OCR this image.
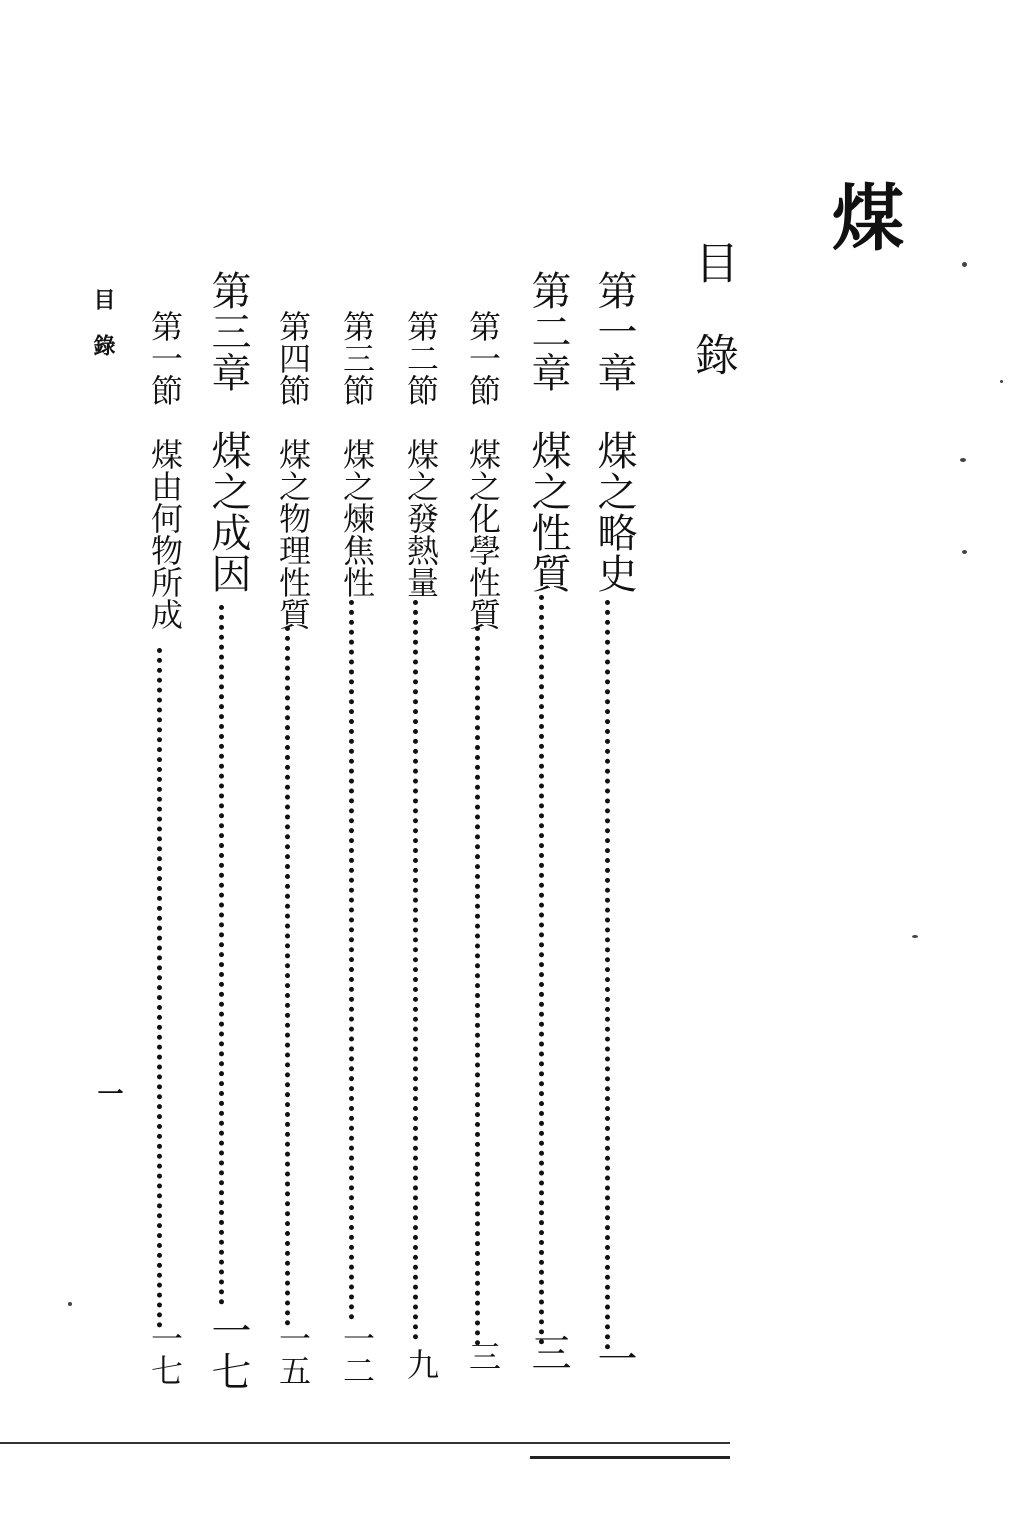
煤
目錄
第一章
煤之略史
一
第二章
煤之性質
三
第一節
煤之化學性質
三
第二節
煤之發熱量
九
第三節
煤之煉焦性
一二
第四節
煤之物理性質
一五
第三章
煤之成因
一七
第一節
煤由何物所成
一七
目錄
一
